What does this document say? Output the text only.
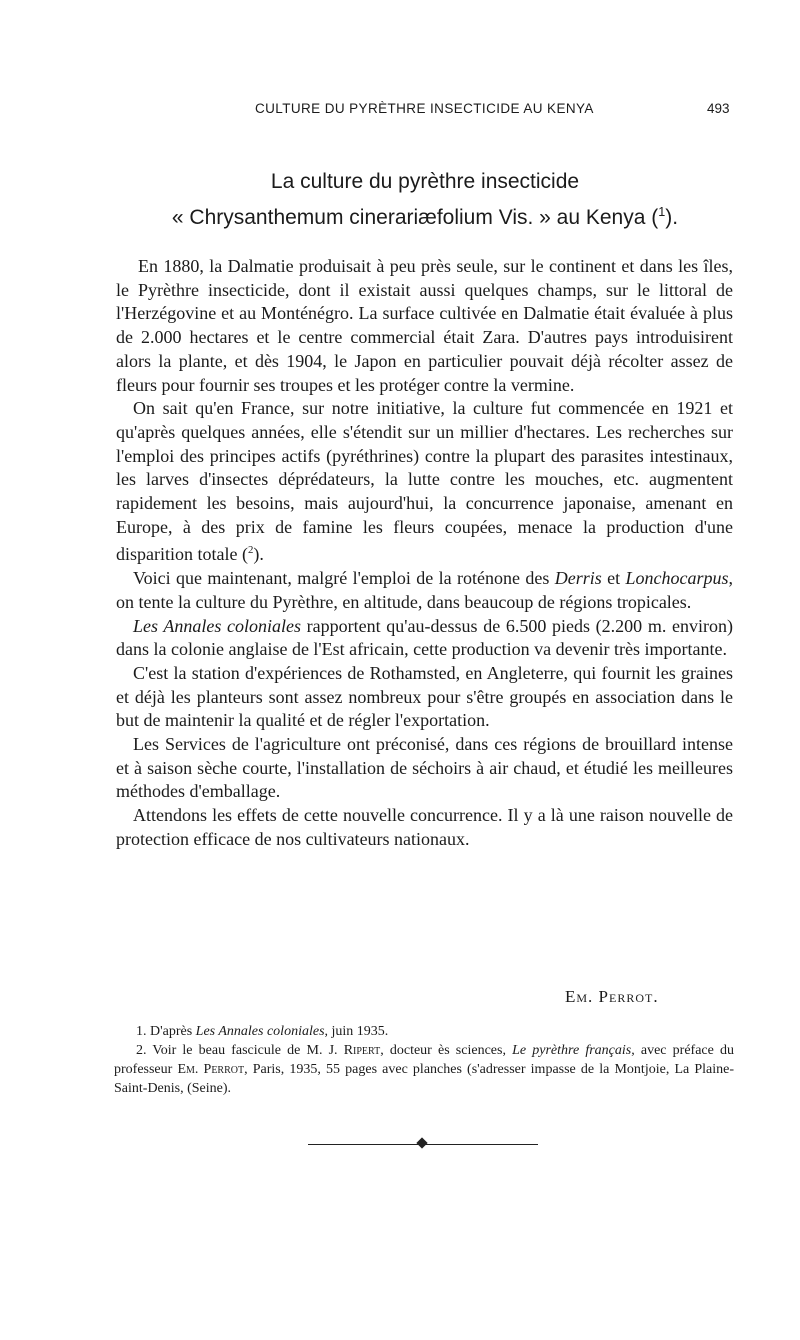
CULTURE DU PYRÈTHRE INSECTICIDE AU KENYA	493
La culture du pyrèthre insecticide
« Chrysanthemum cinerariæfolium Vis. » au Kenya ($^1$).

En 1880, la Dalmatie produisait à peu près seule, sur le continent et dans les îles, le Pyrèthre insecticide, dont il existait aussi quelques champs, sur le littoral de l'Herzégovine et au Monténégro. La surface cultivée en Dalmatie était évaluée à plus de 2.000 hectares et le centre commercial était Zara. D'autres pays introduisirent alors la plante, et dès 1904, le Japon en particulier pouvait déjà récolter assez de fleurs pour fournir ses troupes et les protéger contre la vermine.

On sait qu'en France, sur notre initiative, la culture fut commencée en 1921 et qu'après quelques années, elle s'étendit sur un millier d'hectares. Les recherches sur l'emploi des principes actifs (pyréthrines) contre la plupart des parasites intestinaux, les larves d'insectes déprédateurs, la lutte contre les mouches, etc. augmentent rapidement les besoins, mais aujourd'hui, la concurrence japonaise, amenant en Europe, à des prix de famine les fleurs coupées, menace la production d'une disparition totale ($^2$).

Voici que maintenant, malgré l'emploi de la roténone des Derris et Lonchocarpus, on tente la culture du Pyrèthre, en altitude, dans beaucoup de régions tropicales.

Les Annales coloniales rapportent qu'au-dessus de 6.500 pieds (2.200 m. environ) dans la colonie anglaise de l'Est africain, cette production va devenir très importante.

C'est la station d'expériences de Rothamsted, en Angleterre, qui fournit les graines et déjà les planteurs sont assez nombreux pour s'être groupés en association dans le but de maintenir la qualité et de régler l'exportation.

Les Services de l'agriculture ont préconisé, dans ces régions de brouillard intense et à saison sèche courte, l'installation de séchoirs à air chaud, et étudié les meilleures méthodes d'emballage.

Attendons les effets de cette nouvelle concurrence. Il y a là une raison nouvelle de protection efficace de nos cultivateurs nationaux.

Em. Perrot.

1. D'après Les Annales coloniales, juin 1935.

2. Voir le beau fascicule de M. J. Ripert, docteur ès sciences, Le pyrèthre français, avec préface du professeur Em. Perrot, Paris, 1935, 55 pages avec planches (s'adresser impasse de la Montjoie, La Plaine-Saint-Denis, (Seine).
